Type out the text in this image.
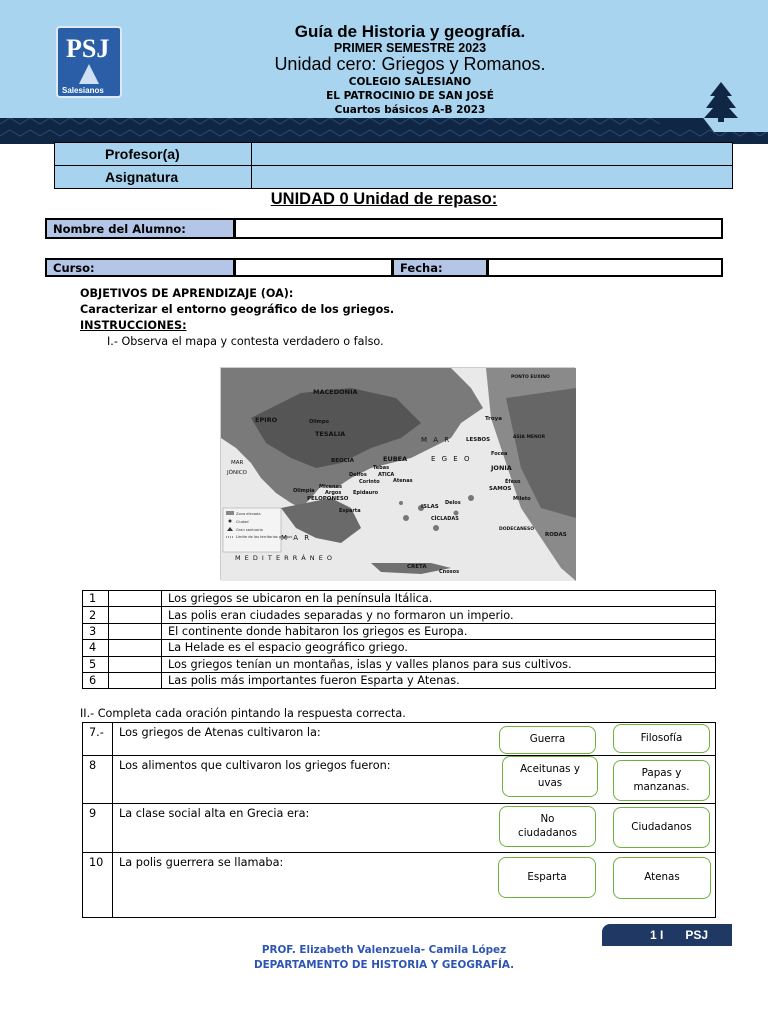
PSJ
Salesianos
Guía de Historia y geografía.
PRIMER SEMESTRE 2023
Unidad cero: Griegos y Romanos.
COLEGIO SALESIANO
EL PATROCINIO DE SAN JOSÉ
Cuartos básicos A-B 2023
Profesor(a)
Asignatura
UNIDAD 0 Unidad de repaso:
Nombre del Alumno:
Curso:	Fecha:
OBJETIVOS DE APRENDIZAJE (OA):
Caracterizar el entorno geográfico de los griegos.
INSTRUCCIONES:
I.- Observa el mapa y contesta verdadero o falso.
MACEDONIA
PONTO EUXINO
EPIRO	Troya
Olimpo
TESALIA	ASIA MENOR
M A R	LESBOS
E G E O
Focea
BEOCIA	EUBEA
JONIA
Tebas
Delfos ATICA
Corinto	Atenas	Éfeso
SAMOS
Olimpia
Micenas
Argos Epidauro
PELOPONESO
Delos
ISLAS
CÍCLADAS
Mileto
Esparta
MAR
JÓNICO
DODECANESO
RODAS
M A R
M E D I T E R R Á N E O
CRETA
Cnosos
Zona elevada
Ciudad
Gran santuario
Límite de los territorios griegos
1		Los griegos se ubicaron en la península Itálica.
2		Las polis eran ciudades separadas y no formaron un imperio.
3		El continente donde habitaron los griegos es Europa.
4		La Helade es el espacio geográfico griego.
5		Los griegos tenían un montañas, islas y valles planos para sus cultivos.
6		Las polis más importantes fueron Esparta y Atenas.
II.- Completa cada oración pintando la respuesta correcta.
7.-	Los griegos de Atenas cultivaron la:
8	Los alimentos que cultivaron los griegos fueron:
9	La clase social alta en Grecia era:
10	La polis guerrera se llamaba:
Guerra	Filosofía
Aceitunas y uvas
Papas y manzanas.
No ciudadanos	Ciudadanos
Esparta	Atenas
1 I PSJ
PROF. Elizabeth Valenzuela- Camila López
DEPARTAMENTO DE HISTORIA Y GEOGRAFÍA.
